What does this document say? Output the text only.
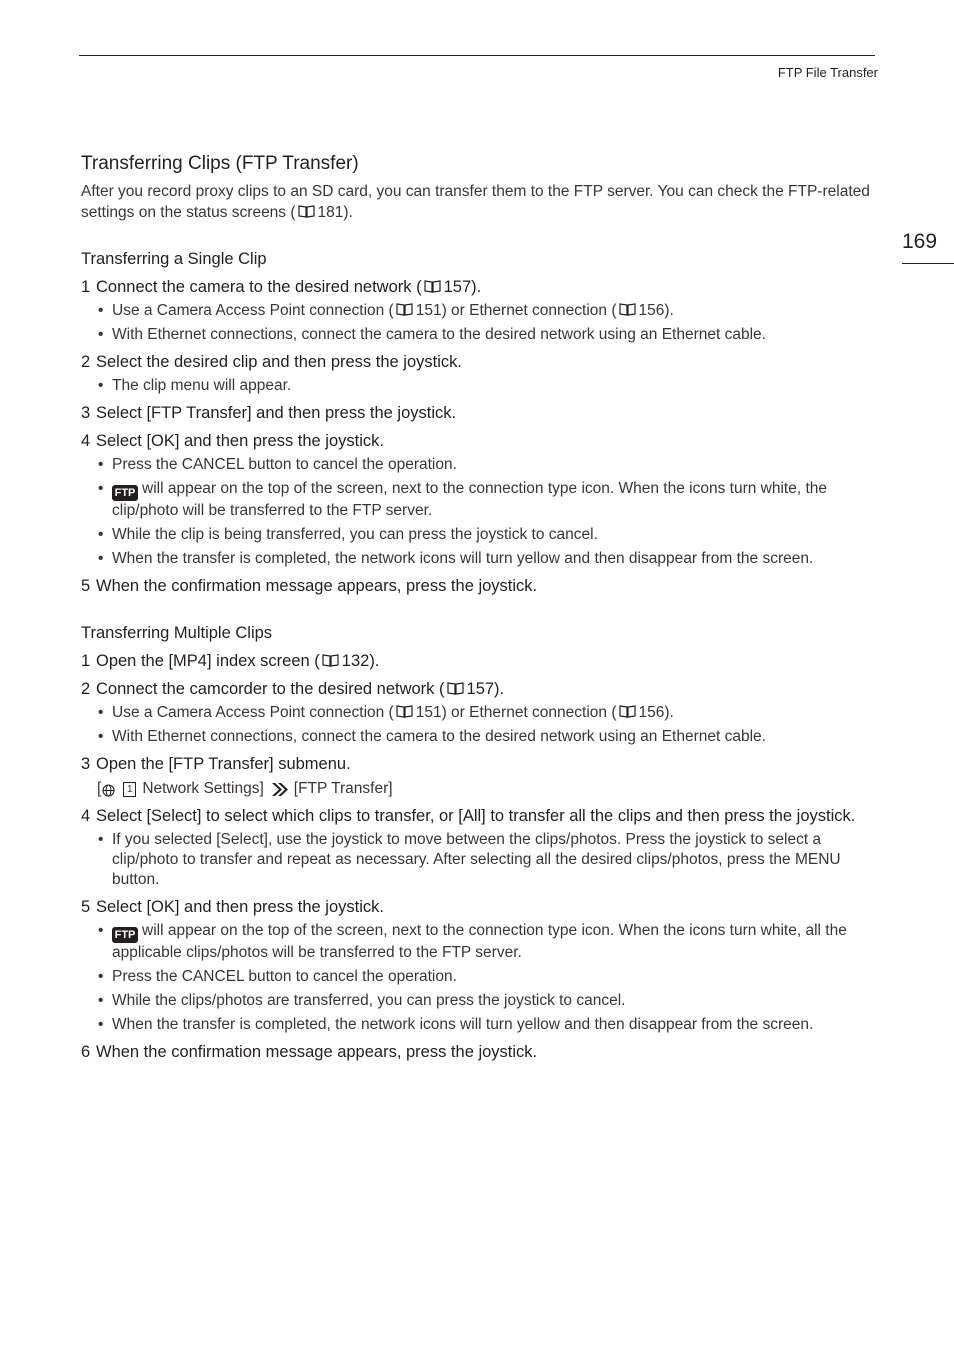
FTP File Transfer
169
Transferring Clips (FTP Transfer)

After you record proxy clips to an SD card, you can transfer them to the FTP server. You can check the FTP-related settings on the status screens ( 181).

Transferring a Single Clip
1 Connect the camera to the desired network ( 157).
• Use a Camera Access Point connection ( 151) or Ethernet connection ( 156).
• With Ethernet connections, connect the camera to the desired network using an Ethernet cable.
2 Select the desired clip and then press the joystick.
• The clip menu will appear.
3 Select [FTP Transfer] and then press the joystick.
4 Select [OK] and then press the joystick.
• Press the CANCEL button to cancel the operation.
• FTP will appear on the top of the screen, next to the connection type icon. When the icons turn white, the clip/photo will be transferred to the FTP server.
• While the clip is being transferred, you can press the joystick to cancel.
• When the transfer is completed, the network icons will turn yellow and then disappear from the screen.
5 When the confirmation message appears, press the joystick.
Transferring Multiple Clips
1 Open the [MP4] index screen ( 132).
2 Connect the camcorder to the desired network ( 157).
• Use a Camera Access Point connection ( 151) or Ethernet connection ( 156).
• With Ethernet connections, connect the camera to the desired network using an Ethernet cable.
3 Open the [FTP Transfer] submenu.
[	1 Network Settings] [FTP Transfer]
4 Select [Select] to select which clips to transfer, or [All] to transfer all the clips and then press the joystick.
• If you selected [Select], use the joystick to move between the clips/photos. Press the joystick to select a clip/photo to transfer and repeat as necessary. After selecting all the desired clips/photos, press the MENU button.
5 Select [OK] and then press the joystick.
• FTP will appear on the top of the screen, next to the connection type icon. When the icons turn white, all the applicable clips/photos will be transferred to the FTP server.
• Press the CANCEL button to cancel the operation.
• While the clips/photos are transferred, you can press the joystick to cancel.
• When the transfer is completed, the network icons will turn yellow and then disappear from the screen.
6 When the confirmation message appears, press the joystick.
